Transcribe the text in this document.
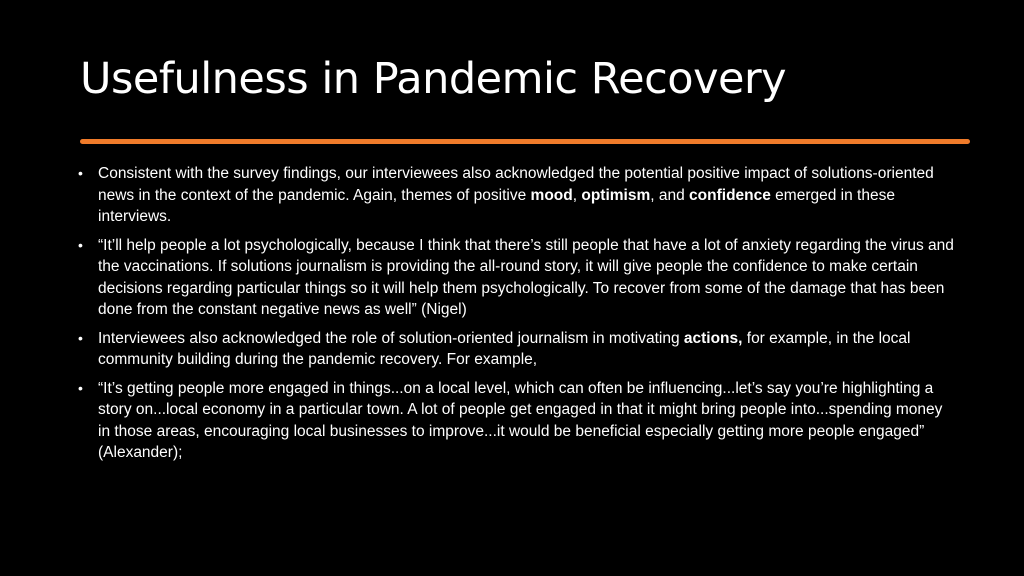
Usefulness in Pandemic Recovery
• Consistent with the survey findings, our interviewees also acknowledged the potential positive impact of solutions-oriented news in the context of the pandemic. Again, themes of positive mood, optimism, and confidence emerged in these interviews.
• “It’ll help people a lot psychologically, because I think that there’s still people that have a lot of anxiety regarding the virus and the vaccinations. If solutions journalism is providing the all-round story, it will give people the confidence to make certain decisions regarding particular things so it will help them psychologically. To recover from some of the damage that has been done from the constant negative news as well” (Nigel)
• Interviewees also acknowledged the role of solution-oriented journalism in motivating actions, for example, in the local community building during the pandemic recovery. For example,
• “It’s getting people more engaged in things...on a local level, which can often be influencing...let’s say you’re highlighting a story on...local economy in a particular town. A lot of people get engaged in that it might bring people into...spending money in those areas, encouraging local businesses to improve...it would be beneficial especially getting more people engaged” (Alexander);
